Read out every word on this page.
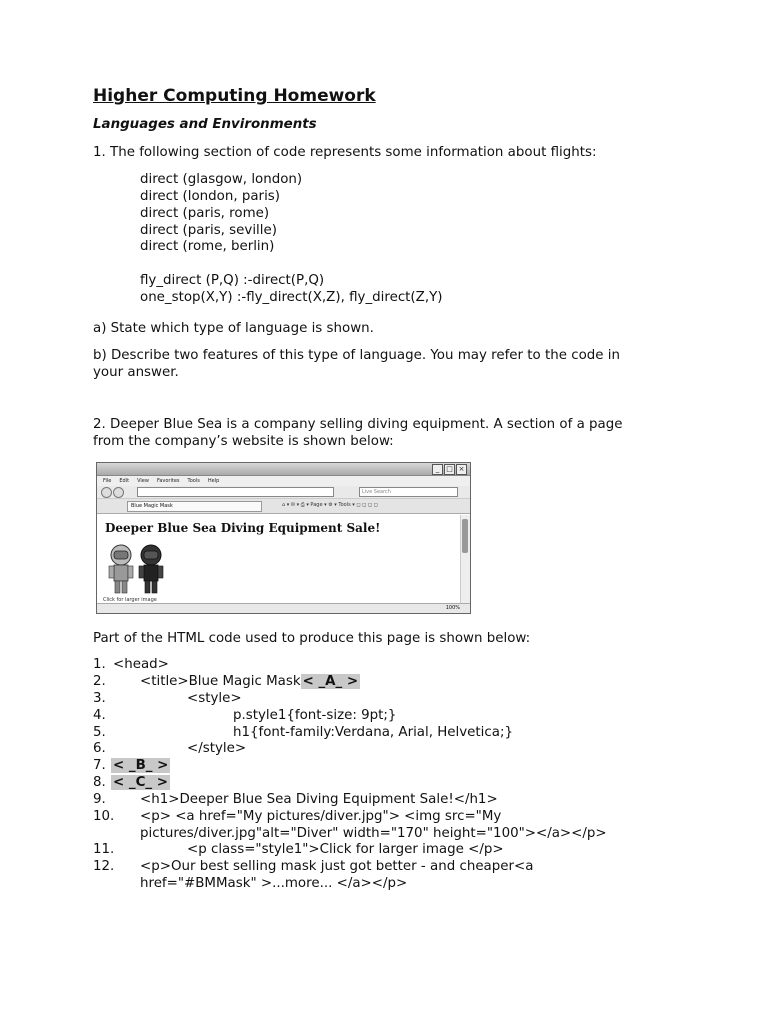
Higher Computing Homework
Languages and Environments
1. The following section of code represents some information about flights:
direct (glasgow, london)
direct (london, paris)
direct (paris, rome)
direct (paris, seville)
direct (rome, berlin)
fly_direct (P,Q) :-direct(P,Q)
one_stop(X,Y) :-fly_direct(X,Z), fly_direct(Z,Y)
a) State which type of language is shown.
b) Describe two features of this type of language. You may refer to the code in
your answer.
2. Deeper Blue Sea is a company selling diving equipment. A section of a page
from the company’s website is shown below:
_ □ ×
File Edit View Favorites Tools Help
Live Search
Blue Magic Mask	⌂ ▾ ✉ ▾ ⎙ ▾ Page ▾ ⚙ ▾ Tools ▾ ◻ ◻ ◻ ◻
Deeper Blue Sea Diving Equipment Sale!
Click for larger image
100%
Part of the HTML code used to produce this page is shown below:
1. <head>
2.	<title>Blue Magic Mask < _A_ >
3.	<style>
4.	p.style1{font-size: 9pt;}
5.	h1{font-family:Verdana, Arial, Helvetica;}
6.	</style>
7. < _B_ >
8. < _C_ >
9.	<h1>Deeper Blue Sea Diving Equipment Sale!</h1>
10. <p> <a href="My pictures/diver.jpg"> <img src="My
pictures/diver.jpg"alt="Diver" width="170" height="100"></a></p>
11.	<p class="style1">Click for larger image </p>
12. <p>Our best selling mask just got better - and cheaper<a
href="#BMMask" >...more... </a></p>
